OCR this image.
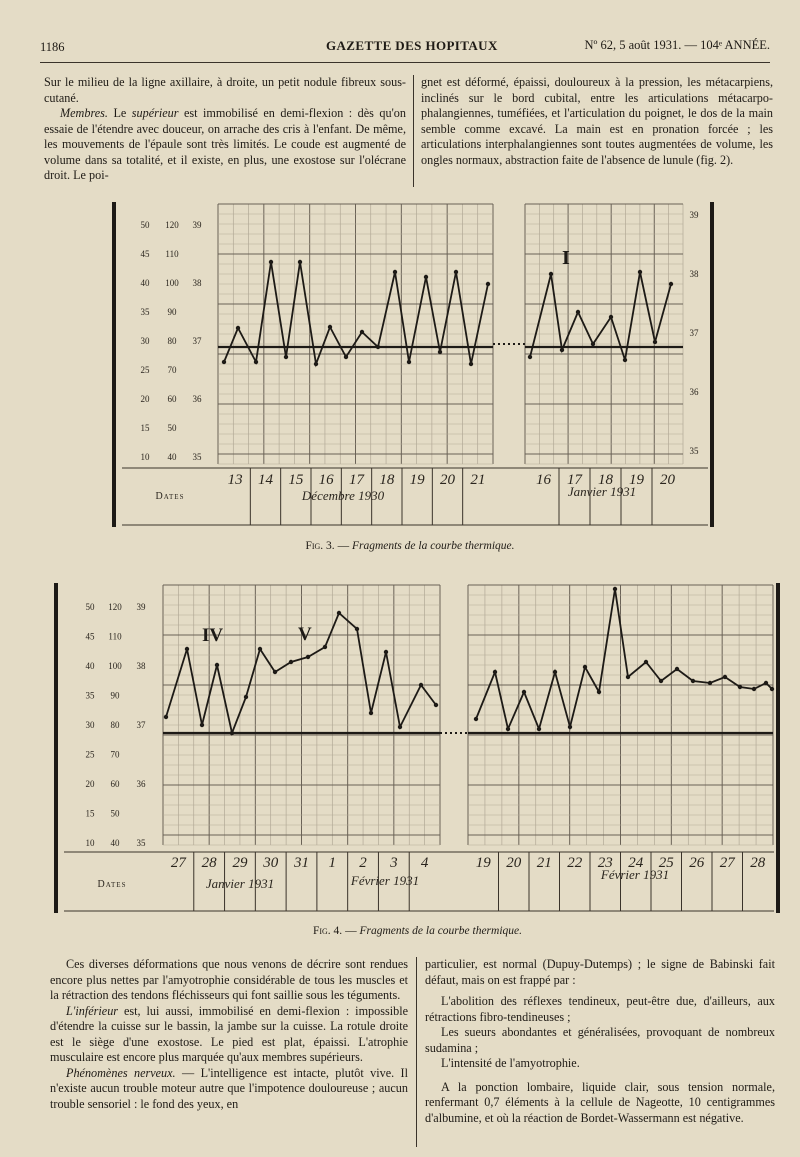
1186	GAZETTE DES HOPITAUX	Nº 62, 5 août 1931. — 104ᵉ ANNÉE.

Sur le milieu de la ligne axillaire, à droite, un petit nodule fibreux sous-cutané.

Membres. Le supérieur est immobilisé en demi-flexion : dès qu'on essaie de l'étendre avec douceur, on arrache des cris à l'enfant. De même, les mouvements de l'épaule sont très limités. Le coude est augmenté de volume dans sa totalité, et il existe, en plus, une exostose sur l'olécrane droit. Le poi-

gnet est déformé, épaissi, douloureux à la pression, les métacarpiens, inclinés sur le bord cubital, entre les articulations métacarpo-phalangiennes, tuméfiées, et l'articulation du poignet, le dos de la main semble comme excavé. La main est en pronation forcée ; les articulations interphalangiennes sont toutes augmentées de volume, les ongles normaux, abstraction faite de l'absence de lunule (fig. 2).

50
45
40
35
30
25
20
15
10
120
110
100
90
80
70
60
50
40
39
38
37
36
35
39
38
37
36
35
I
Dates
13 14 15 16 17 18 19 20 21	16 17 18 19 20
Décembre 1930	Janvier 1931
Fig. 3. — Fragments de la courbe thermique.
50
45
40
35
30
25
20
15
10
120
110
100
90
80
70
60
50
40
39
38
37
36
35
IV	V
Dates
27 28 29 30 31 1 2 3 4	19 20 21 22 23 24 25 26 27 28
Janvier 1931	Février 1931	Février 1931
Fig. 4. — Fragments de la courbe thermique.

Ces diverses déformations que nous venons de décrire sont rendues encore plus nettes par l'amyotrophie considérable de tous les muscles et la rétraction des tendons fléchisseurs qui font saillie sous les téguments.

L'inférieur est, lui aussi, immobilisé en demi-flexion : impossible d'étendre la cuisse sur le bassin, la jambe sur la cuisse. La rotule droite est le siège d'une exostose. Le pied est plat, épaissi. L'atrophie musculaire est encore plus marquée qu'aux membres supérieurs.

Phénomènes nerveux. — L'intelligence est intacte, plutôt vive. Il n'existe aucun trouble moteur autre que l'impotence douloureuse ; aucun trouble sensoriel : le fond des yeux, en

particulier, est normal (Dupuy-Dutemps) ; le signe de Babinski fait défaut, mais on est frappé par :

L'abolition des réflexes tendineux, peut-être due, d'ailleurs, aux rétractions fibro-tendineuses ;

Les sueurs abondantes et généralisées, provoquant de nombreux sudamina ;

L'intensité de l'amyotrophie.

A la ponction lombaire, liquide clair, sous tension normale, renfermant 0,7 éléments à la cellule de Nageotte, 10 centigrammes d'albumine, et où la réaction de Bordet-Wassermann est négative.
